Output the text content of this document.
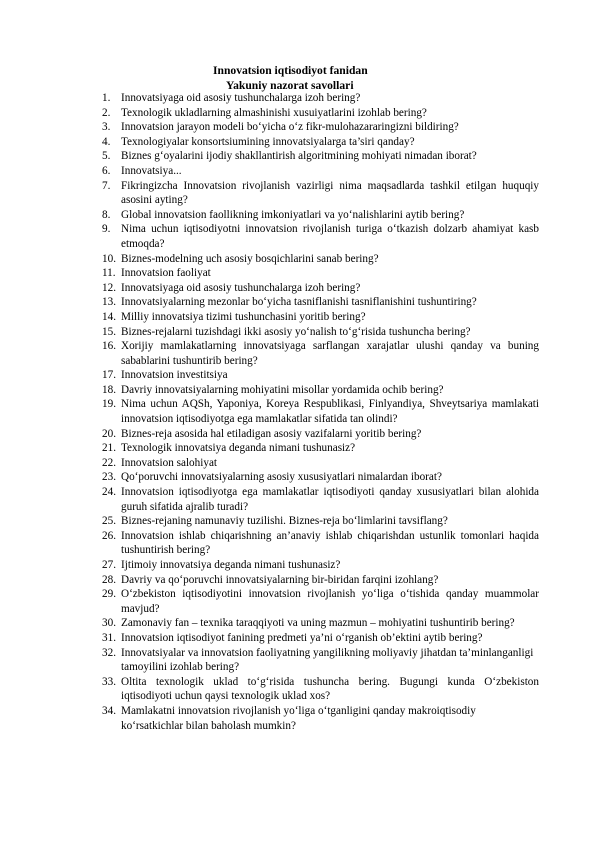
Innovatsion iqtisodiyot fanidan
Yakuniy nazorat savollari
1. Innovatsiyaga oid asosiy tushunchalarga izoh bering?
2. Texnologik ukladlarning almashinishi xusuiyatlarini izohlab bering?
3. Innovatsion jarayon modeli bo‘yicha o‘z fikr-mulohazararingizni bildiring?
4. Texnologiyalar konsortsiumining innovatsiyalarga ta’siri qanday?
5. Biznes g‘oyalarini ijodiy shakllantirish algoritmining mohiyati nimadan iborat?
6. Innovatsiya...
7. Fikringizcha Innovatsion rivojlanish vazirligi nima maqsadlarda tashkil etilgan huquqiy asosini ayting?
8. Global innovatsion faollikning imkoniyatlari va yo‘nalishlarini aytib bering?
9. Nima uchun iqtisodiyotni innovatsion rivojlanish turiga o‘tkazish dolzarb ahamiyat kasb etmoqda?
10. Biznes-modelning uch asosiy bosqichlarini sanab bering?
11. Innovatsion faoliyat
12. Innovatsiyaga oid asosiy tushunchalarga izoh bering?
13. Innovatsiyalarning mezonlar bo‘yicha tasniflanishi tasniflanishini tushuntiring?
14. Milliy innovatsiya tizimi tushunchasini yoritib bering?
15. Biznes-rejalarni tuzishdagi ikki asosiy yo‘nalish to‘g‘risida tushuncha bering?
16. Xorijiy mamlakatlarning innovatsiyaga sarflangan xarajatlar ulushi qanday va buning sabablarini tushuntirib bering?
17. Innovatsion investitsiya
18. Davriy innovatsiyalarning mohiyatini misollar yordamida ochib bering?
19. Nima uchun AQSh, Yaponiya, Koreya Respublikasi, Finlyandiya, Shveytsariya mamlakati innovatsion iqtisodiyotga ega mamlakatlar sifatida tan olindi?
20. Biznes-reja asosida hal etiladigan asosiy vazifalarni yoritib bering?
21. Texnologik innovatsiya deganda nimani tushunasiz?
22. Innovatsion salohiyat
23. Qo‘poruvchi innovatsiyalarning asosiy xususiyatlari nimalardan iborat?
24. Innovatsion iqtisodiyotga ega mamlakatlar iqtisodiyoti qanday xususiyatlari bilan alohida guruh sifatida ajralib turadi?
25. Biznes-rejaning namunaviy tuzilishi. Biznes-reja bo‘limlarini tavsiflang?
26. Innovatsion ishlab chiqarishning an’anaviy ishlab chiqarishdan ustunlik tomonlari haqida tushuntirish bering?
27. Ijtimoiy innovatsiya deganda nimani tushunasiz?
28. Davriy va qo‘poruvchi innovatsiyalarning bir-biridan farqini izohlang?
29. O‘zbekiston iqtisodiyotini innovatsion rivojlanish yo‘liga o‘tishida qanday muammolar mavjud?
30. Zamonaviy fan – texnika taraqqiyoti va uning mazmun – mohiyatini tushuntirib bering?
31. Innovatsion iqtisodiyot fanining predmeti ya’ni o‘rganish ob’ektini aytib bering?
32. Innovatsiyalar va innovatsion faoliyatning yangilikning moliyaviy jihatdan ta’minlanganligi tamoyilini izohlab bering?
33. Oltita texnologik uklad to‘g‘risida tushuncha bering. Bugungi kunda O‘zbekiston iqtisodiyoti uchun qaysi texnologik uklad xos?
34. Mamlakatni innovatsion rivojlanish yo‘liga o‘tganligini qanday makroiqtisodiy ko‘rsatkichlar bilan baholash mumkin?
